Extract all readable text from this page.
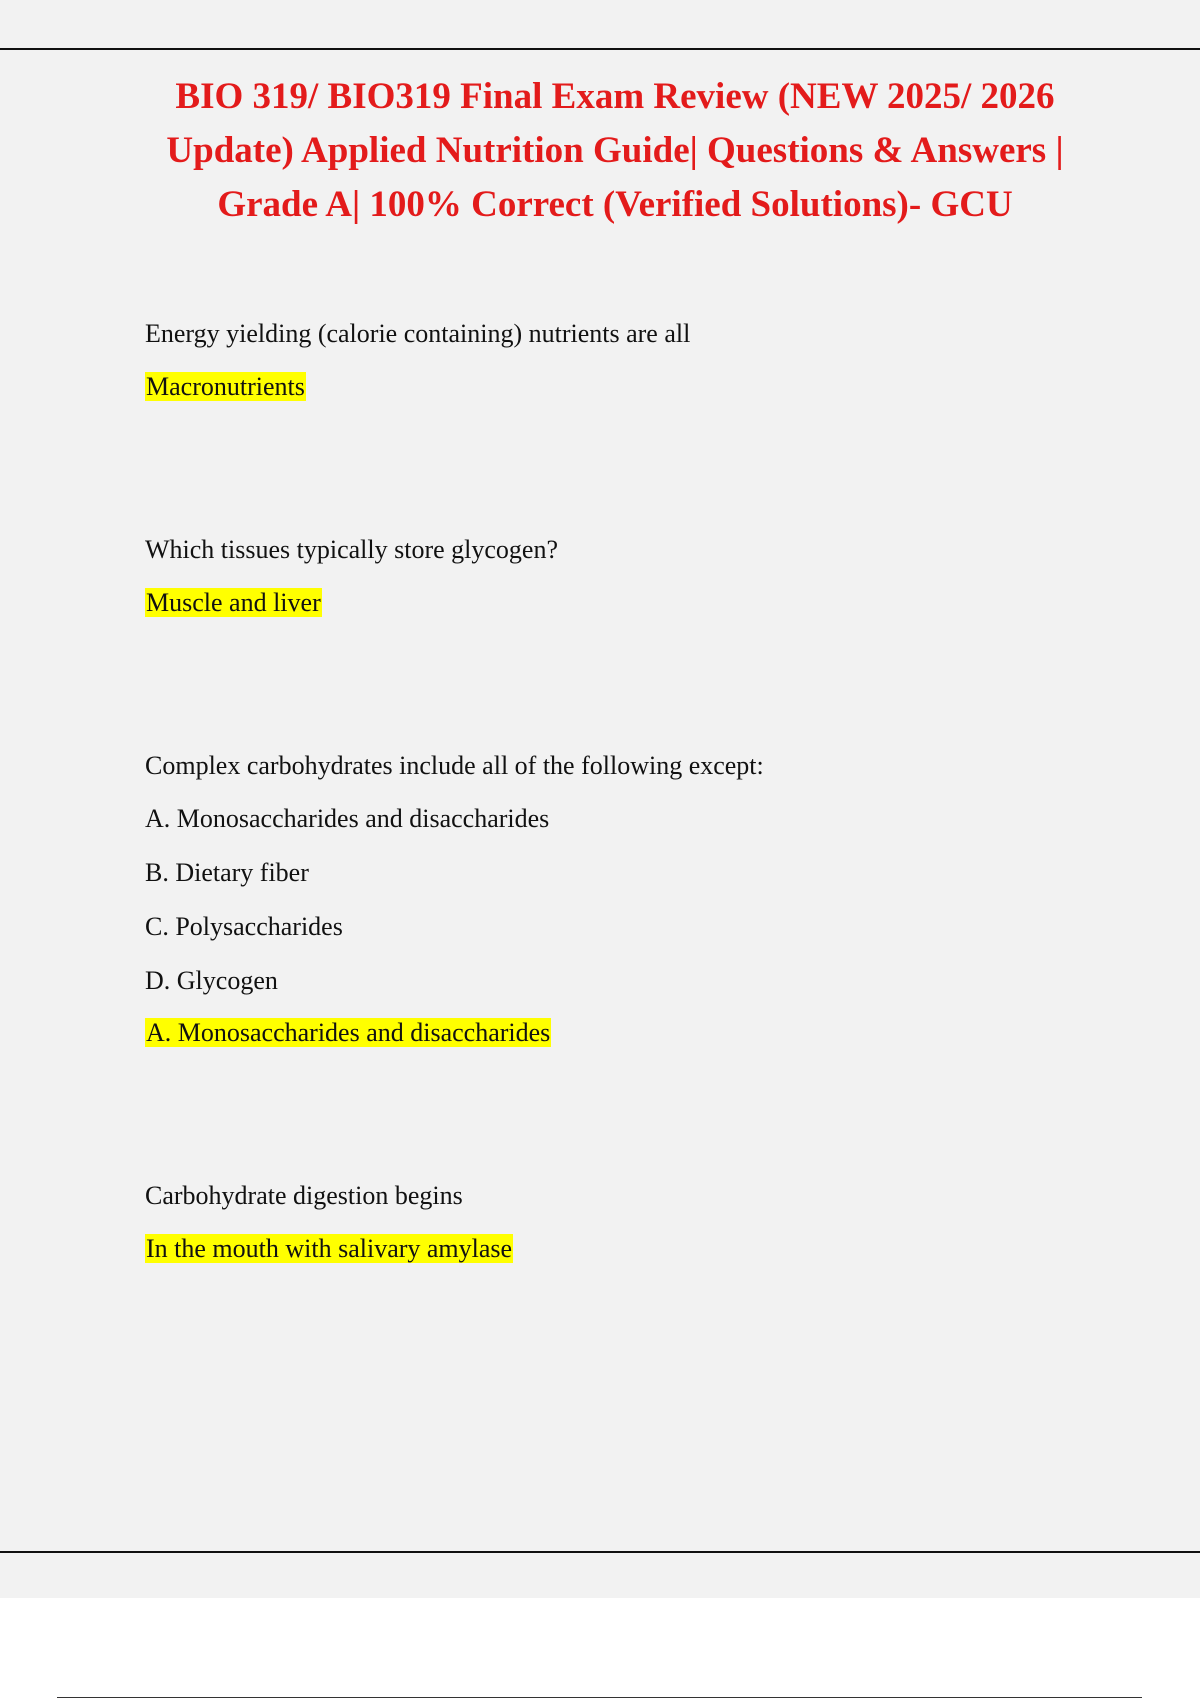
BIO 319/ BIO319 Final Exam Review (NEW 2025/ 2026 Update) Applied Nutrition Guide| Questions & Answers | Grade A| 100% Correct (Verified Solutions)- GCU

Energy yielding (calorie containing) nutrients are all

Macronutrients

Which tissues typically store glycogen?

Muscle and liver

Complex carbohydrates include all of the following except:

A. Monosaccharides and disaccharides

B. Dietary fiber

C. Polysaccharides

D. Glycogen

A. Monosaccharides and disaccharides

Carbohydrate digestion begins

In the mouth with salivary amylase
